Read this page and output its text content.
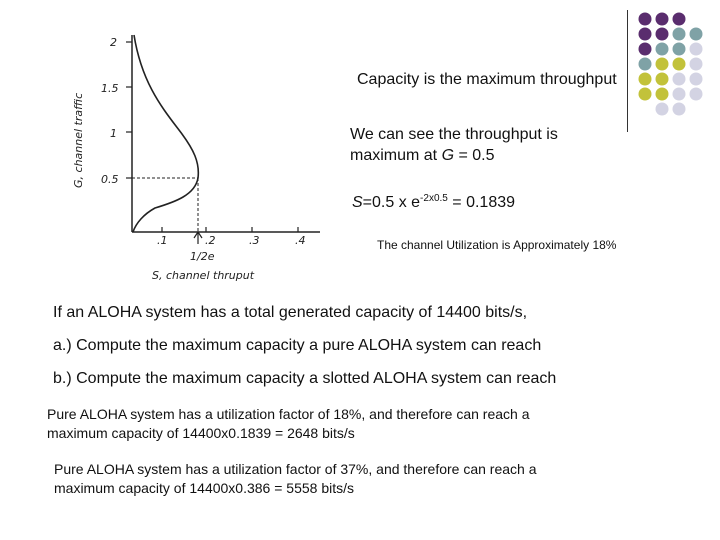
2
1.5
1
0.5
.1	.2	.3	.4
1/2e
G, channel traffic
S, channel thruput
Capacity is the maximum throughput
We can see the throughput is
maximum at G = 0.5
S=0.5 x $e^{-2x0.5} = 0.1839$
The channel Utilization is Approximately 18%
If an ALOHA system has a total generated capacity of 14400 bits/s,
a.) Compute the maximum capacity a pure ALOHA system can reach
b.) Compute the maximum capacity a slotted ALOHA system can reach
Pure ALOHA system has a utilization factor of 18%, and therefore can reach a
maximum capacity of 14400x0.1839 = 2648 bits/s
Pure ALOHA system has a utilization factor of 37%, and therefore can reach a
maximum capacity of 14400x0.386 = 5558 bits/s
